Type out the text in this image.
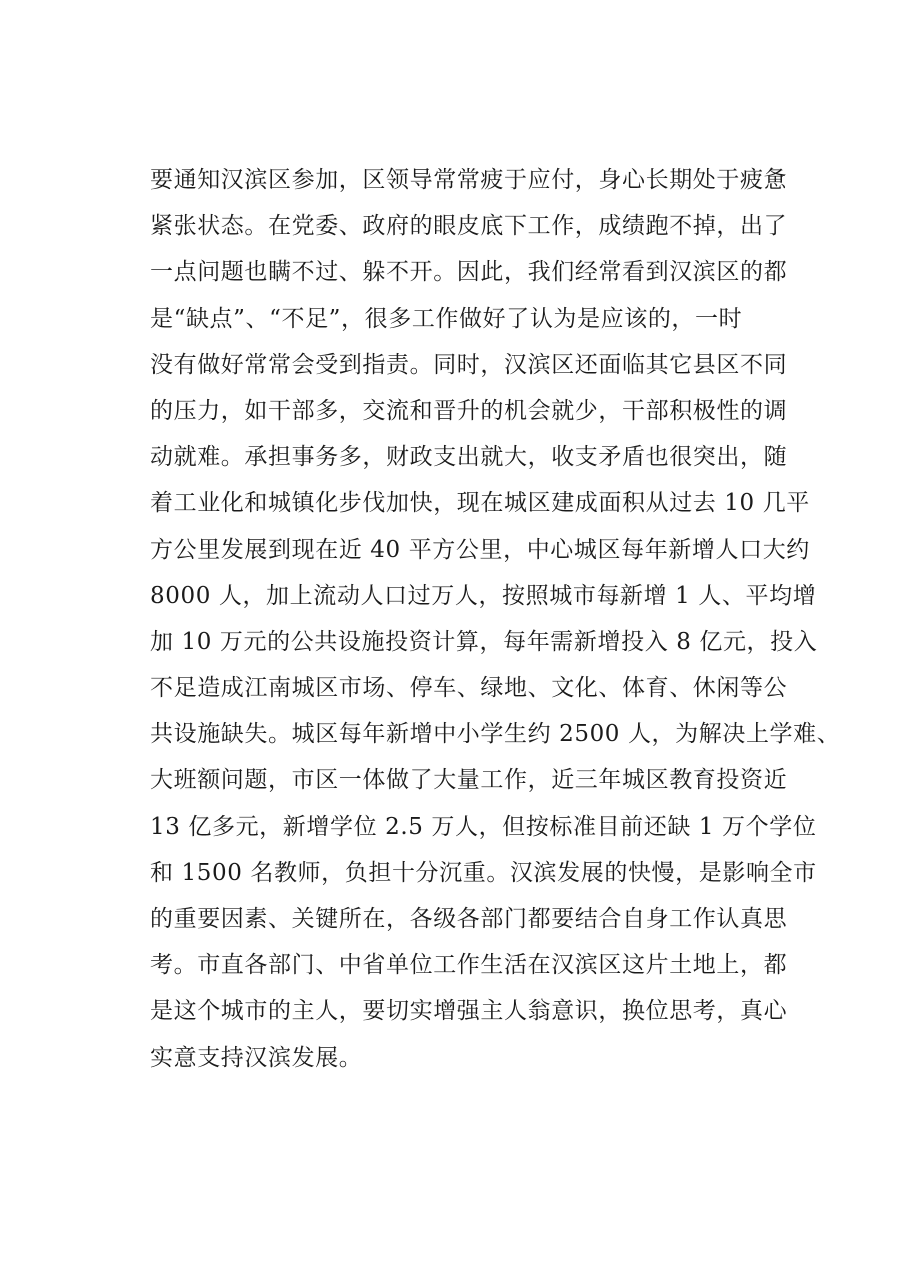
要通知汉滨区参加，区领导常常疲于应付，身心长期处于疲惫
紧张状态。在党委、政府的眼皮底下工作，成绩跑不掉，出了
一点问题也瞒不过、躲不开。因此，我们经常看到汉滨区的都
是“缺点”、“不足”，很多工作做好了认为是应该的，一时
没有做好常常会受到指责。同时，汉滨区还面临其它县区不同
的压力，如干部多，交流和晋升的机会就少，干部积极性的调
动就难。承担事务多，财政支出就大，收支矛盾也很突出，随
着工业化和城镇化步伐加快，现在城区建成面积从过去 10 几平
方公里发展到现在近 40 平方公里，中心城区每年新增人口大约
8000 人，加上流动人口过万人，按照城市每新增 1 人、平均增
加 10 万元的公共设施投资计算，每年需新增投入 8 亿元，投入
不足造成江南城区市场、停车、绿地、文化、体育、休闲等公
共设施缺失。城区每年新增中小学生约 2500 人，为解决上学难、
大班额问题，市区一体做了大量工作，近三年城区教育投资近
13 亿多元，新增学位 2.5 万人，但按标准目前还缺 1 万个学位
和 1500 名教师，负担十分沉重。汉滨发展的快慢，是影响全市
的重要因素、关键所在，各级各部门都要结合自身工作认真思
考。市直各部门、中省单位工作生活在汉滨区这片土地上，都
是这个城市的主人，要切实增强主人翁意识，换位思考，真心
实意支持汉滨发展。
